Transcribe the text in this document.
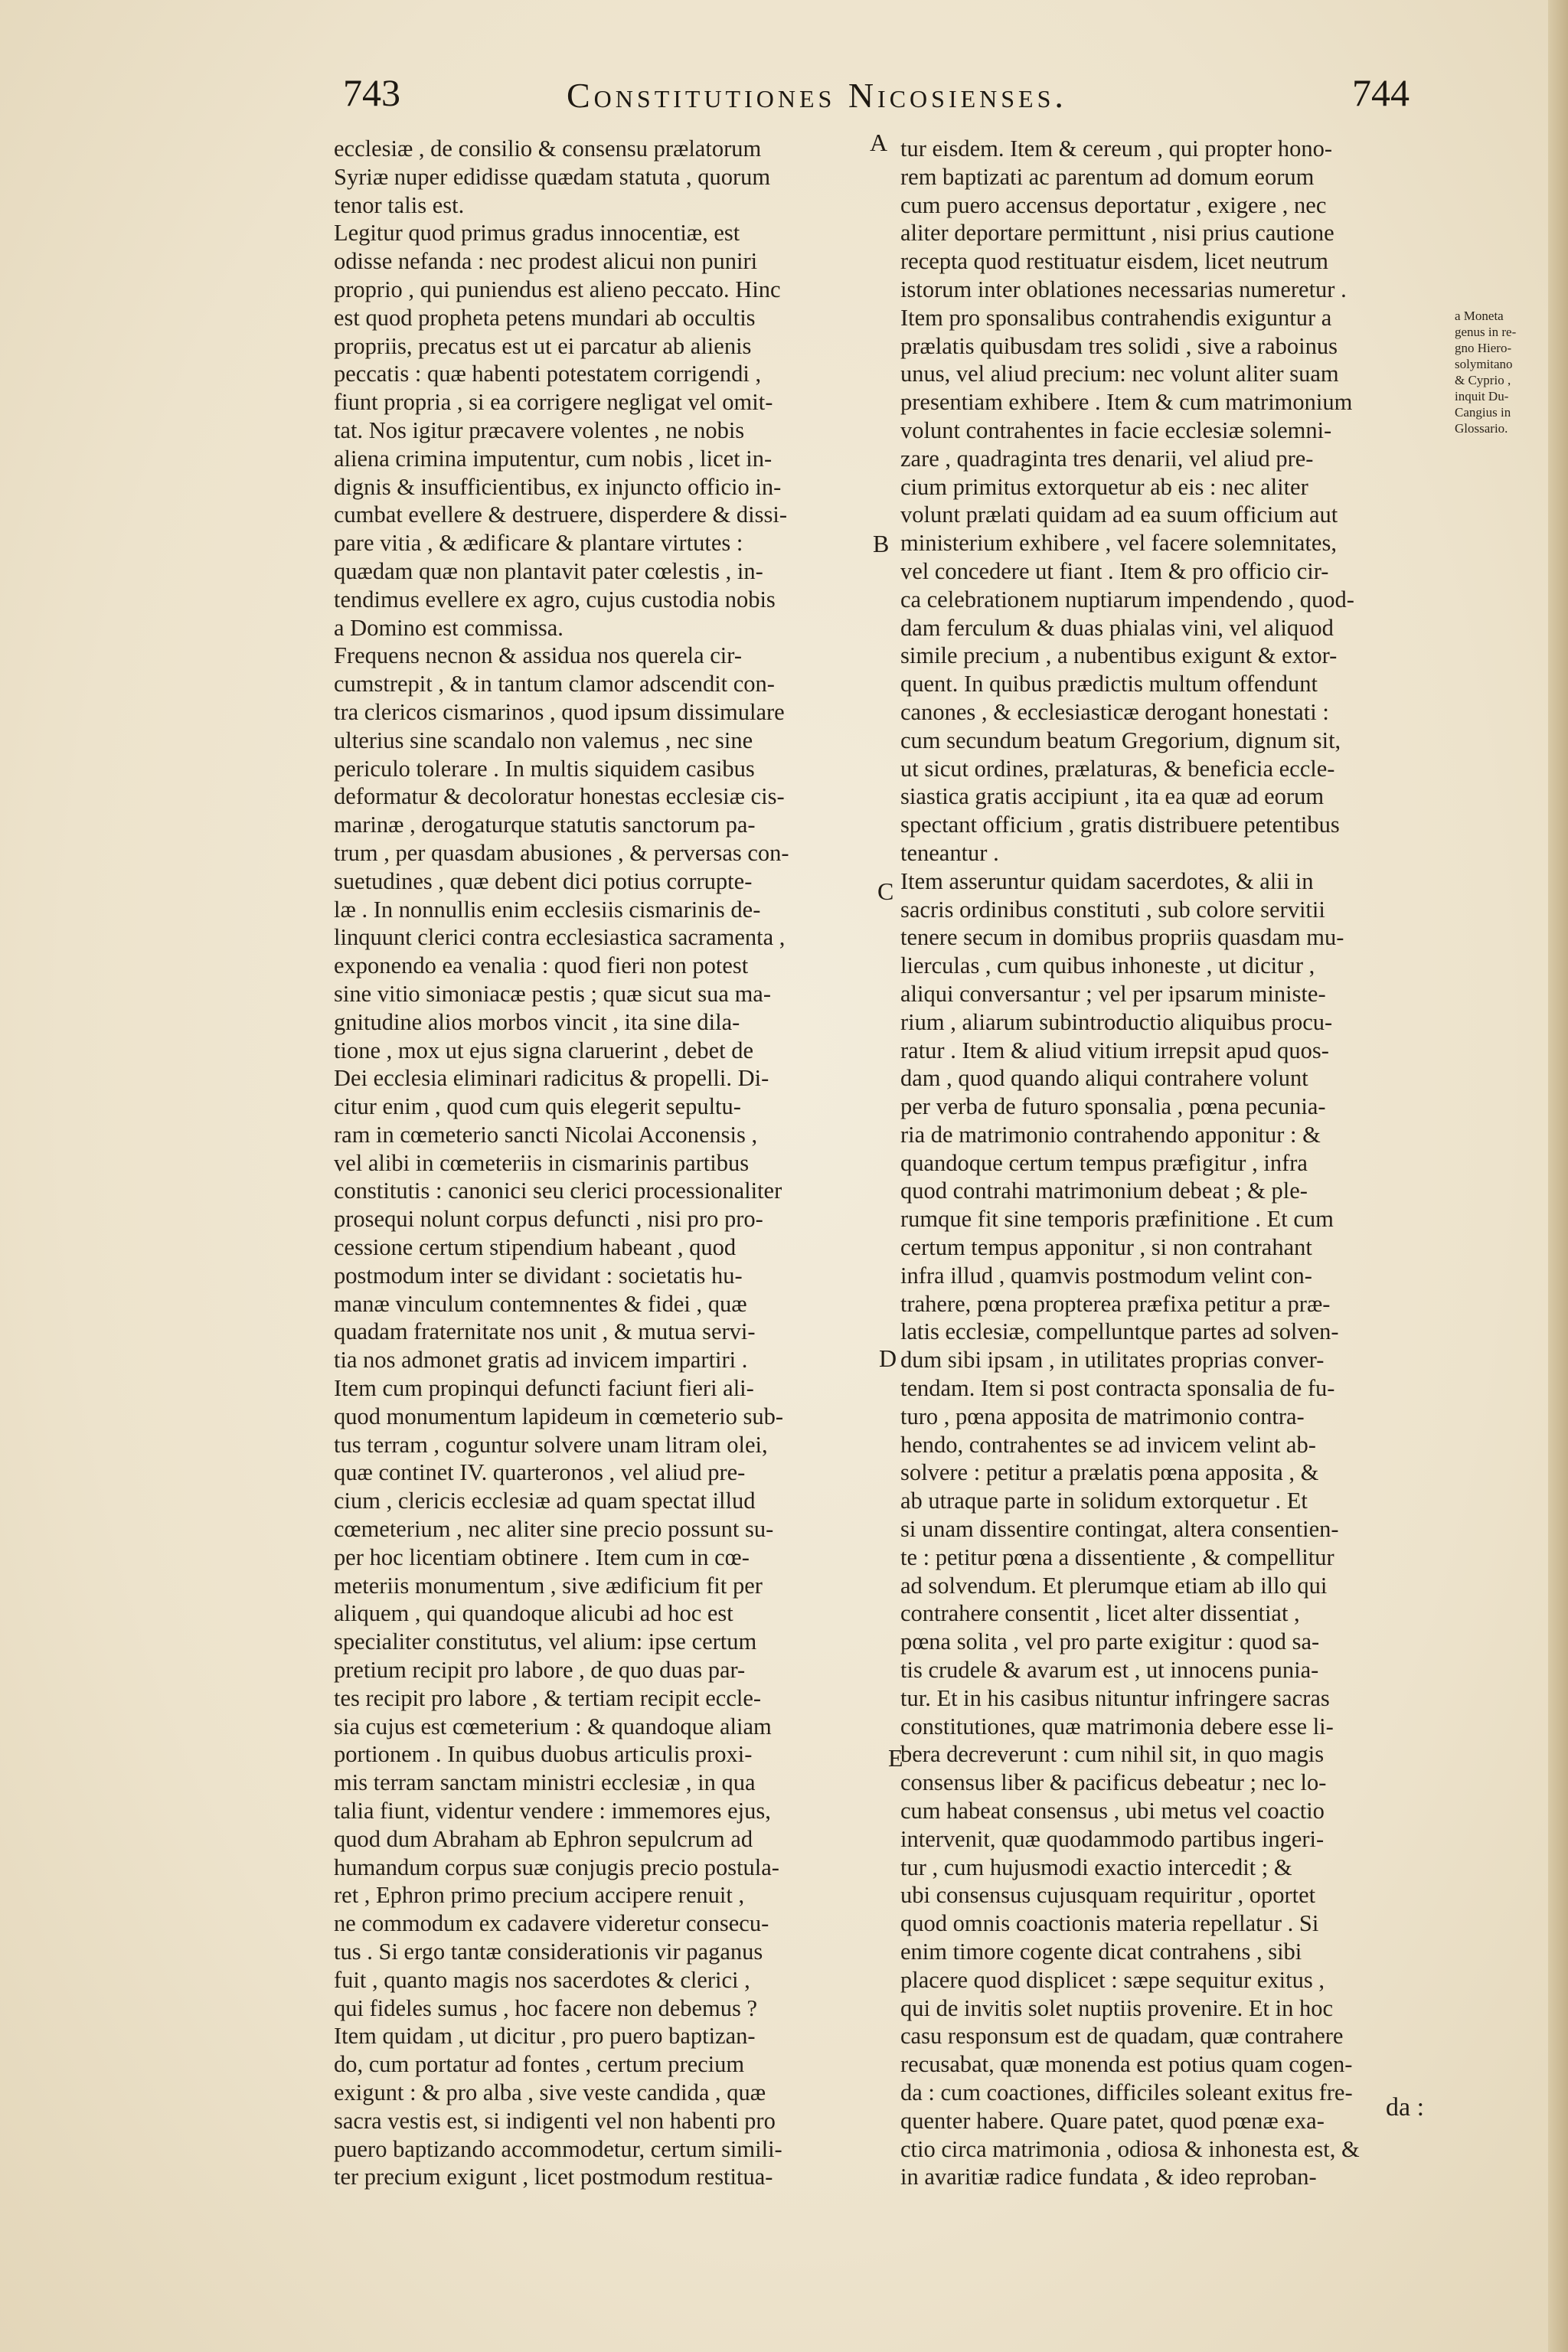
743	Constitutiones Nicosienses.	744
ecclesiæ , de consilio & consensu prælatorum
Syriæ nuper edidisse quædam statuta , quorum
tenor talis est.
Legitur quod primus gradus innocentiæ, est
odisse nefanda : nec prodest alicui non puniri
proprio , qui puniendus est alieno peccato. Hinc
est quod propheta petens mundari ab occultis
propriis, precatus est ut ei parcatur ab alienis
peccatis : quæ habenti potestatem corrigendi ,
fiunt propria , si ea corrigere negligat vel omit-
tat. Nos igitur præcavere volentes , ne nobis
aliena crimina imputentur, cum nobis , licet in-
dignis & insufficientibus, ex injuncto officio in-
cumbat evellere & destruere, disperdere & dissi-
pare vitia , & ædificare & plantare virtutes :
quædam quæ non plantavit pater cœlestis , in-
tendimus evellere ex agro, cujus custodia nobis
a Domino est commissa.
Frequens necnon & assidua nos querela cir-
cumstrepit , & in tantum clamor adscendit con-
tra clericos cismarinos , quod ipsum dissimulare
ulterius sine scandalo non valemus , nec sine
periculo tolerare . In multis siquidem casibus
deformatur & decoloratur honestas ecclesiæ cis-
marinæ , derogaturque statutis sanctorum pa-
trum , per quasdam abusiones , & perversas con-
suetudines , quæ debent dici potius corrupte-
læ . In nonnullis enim ecclesiis cismarinis de-
linquunt clerici contra ecclesiastica sacramenta ,
exponendo ea venalia : quod fieri non potest
sine vitio simoniacæ pestis ; quæ sicut sua ma-
gnitudine alios morbos vincit , ita sine dila-
tione , mox ut ejus signa claruerint , debet de
Dei ecclesia eliminari radicitus & propelli. Di-
citur enim , quod cum quis elegerit sepultu-
ram in cœmeterio sancti Nicolai Acconensis ,
vel alibi in cœmeteriis in cismarinis partibus
constitutis : canonici seu clerici processionaliter
prosequi nolunt corpus defuncti , nisi pro pro-
cessione certum stipendium habeant , quod
postmodum inter se dividant : societatis hu-
manæ vinculum contemnentes & fidei , quæ
quadam fraternitate nos unit , & mutua servi-
tia nos admonet gratis ad invicem impartiri .
Item cum propinqui defuncti faciunt fieri ali-
quod monumentum lapideum in cœmeterio sub-
tus terram , coguntur solvere unam litram olei,
quæ continet IV. quarteronos , vel aliud pre-
cium , clericis ecclesiæ ad quam spectat illud
cœmeterium , nec aliter sine precio possunt su-
per hoc licentiam obtinere . Item cum in cœ-
meteriis monumentum , sive ædificium fit per
aliquem , qui quandoque alicubi ad hoc est
specialiter constitutus, vel alium: ipse certum
pretium recipit pro labore , de quo duas par-
tes recipit pro labore , & tertiam recipit eccle-
sia cujus est cœmeterium : & quandoque aliam
portionem . In quibus duobus articulis proxi-
mis terram sanctam ministri ecclesiæ , in qua
talia fiunt, videntur vendere : immemores ejus,
quod dum Abraham ab Ephron sepulcrum ad
humandum corpus suæ conjugis precio postula-
ret , Ephron primo precium accipere renuit ,
ne commodum ex cadavere videretur consecu-
tus . Si ergo tantæ considerationis vir paganus
fuit , quanto magis nos sacerdotes & clerici ,
qui fideles sumus , hoc facere non debemus ?
Item quidam , ut dicitur , pro puero baptizan-
do, cum portatur ad fontes , certum precium
exigunt : & pro alba , sive veste candida , quæ
sacra vestis est, si indigenti vel non habenti pro
puero baptizando accommodetur, certum simili-
ter precium exigunt , licet postmodum restitua-
tur eisdem. Item & cereum , qui propter hono-
rem baptizati ac parentum ad domum eorum
cum puero accensus deportatur , exigere , nec
aliter deportare permittunt , nisi prius cautione
recepta quod restituatur eisdem, licet neutrum
istorum inter oblationes necessarias numeretur .
Item pro sponsalibus contrahendis exiguntur a
prælatis quibusdam tres solidi , sive a raboinus
unus, vel aliud precium: nec volunt aliter suam
presentiam exhibere . Item & cum matrimonium
volunt contrahentes in facie ecclesiæ solemni-
zare , quadraginta tres denarii, vel aliud pre-
cium primitus extorquetur ab eis : nec aliter
volunt prælati quidam ad ea suum officium aut
ministerium exhibere , vel facere solemnitates,
vel concedere ut fiant . Item & pro officio cir-
ca celebrationem nuptiarum impendendo , quod-
dam ferculum & duas phialas vini, vel aliquod
simile precium , a nubentibus exigunt & extor-
quent. In quibus prædictis multum offendunt
canones , & ecclesiasticæ derogant honestati :
cum secundum beatum Gregorium, dignum sit,
ut sicut ordines, prælaturas, & beneficia eccle-
siastica gratis accipiunt , ita ea quæ ad eorum
spectant officium , gratis distribuere petentibus
teneantur .
Item asseruntur quidam sacerdotes, & alii in
sacris ordinibus constituti , sub colore servitii
tenere secum in domibus propriis quasdam mu-
lierculas , cum quibus inhoneste , ut dicitur ,
aliqui conversantur ; vel per ipsarum ministe-
rium , aliarum subintroductio aliquibus procu-
ratur . Item & aliud vitium irrepsit apud quos-
dam , quod quando aliqui contrahere volunt
per verba de futuro sponsalia , pœna pecunia-
ria de matrimonio contrahendo apponitur : &
quandoque certum tempus præfigitur , infra
quod contrahi matrimonium debeat ; & ple-
rumque fit sine temporis præfinitione . Et cum
certum tempus apponitur , si non contrahant
infra illud , quamvis postmodum velint con-
trahere, pœna propterea præfixa petitur a præ-
latis ecclesiæ, compelluntque partes ad solven-
dum sibi ipsam , in utilitates proprias conver-
tendam. Item si post contracta sponsalia de fu-
turo , pœna apposita de matrimonio contra-
hendo, contrahentes se ad invicem velint ab-
solvere : petitur a prælatis pœna apposita , &
ab utraque parte in solidum extorquetur . Et
si unam dissentire contingat, altera consentien-
te : petitur pœna a dissentiente , & compellitur
ad solvendum. Et plerumque etiam ab illo qui
contrahere consentit , licet alter dissentiat ,
pœna solita , vel pro parte exigitur : quod sa-
tis crudele & avarum est , ut innocens punia-
tur. Et in his casibus nituntur infringere sacras
constitutiones, quæ matrimonia debere esse li-
bera decreverunt : cum nihil sit, in quo magis
consensus liber & pacificus debeatur ; nec lo-
cum habeat consensus , ubi metus vel coactio
intervenit, quæ quodammodo partibus ingeri-
tur , cum hujusmodi exactio intercedit ; &
ubi consensus cujusquam requiritur , oportet
quod omnis coactionis materia repellatur . Si
enim timore cogente dicat contrahens , sibi
placere quod displicet : sæpe sequitur exitus ,
qui de invitis solet nuptiis provenire. Et in hoc
casu responsum est de quadam, quæ contrahere
recusabat, quæ monenda est potius quam cogen-
da : cum coactiones, difficiles soleant exitus fre-
quenter habere. Quare patet, quod pœnæ exa-
ctio circa matrimonia , odiosa & inhonesta est, &
in avaritiæ radice fundata , & ideo reproban-
A
B
C
D
E
a Moneta
genus in re-
gno Hiero-
solymitano
& Cyprio ,
inquit Du-
Cangius in
Glossario.
da :
